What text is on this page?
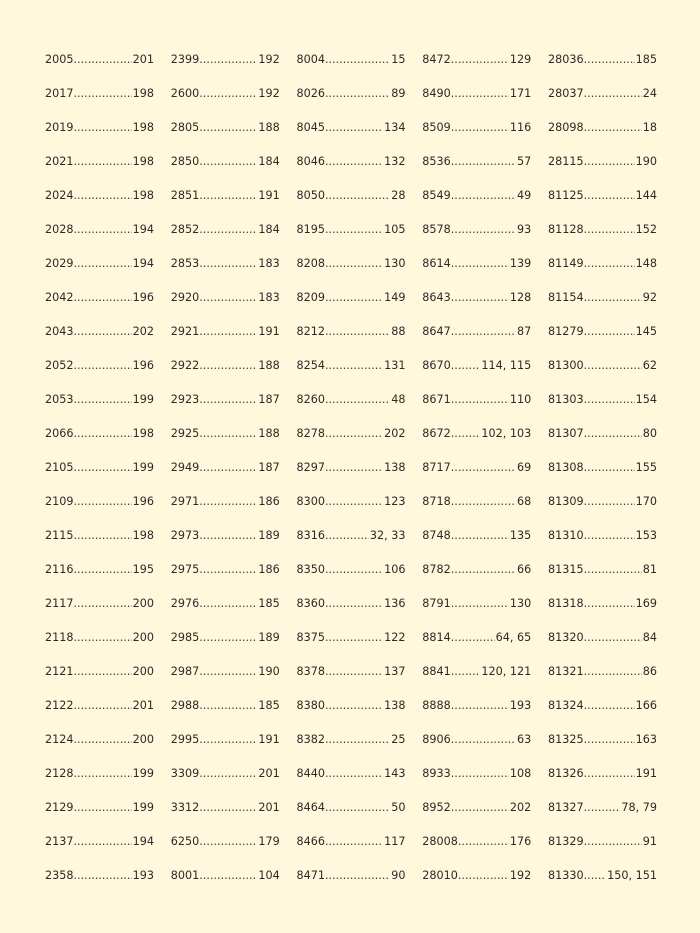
2005 .....	201
2017 .....	198
2019 .....	198
2021 .....	198
2024 .....	198
2028 .....	194
2029 .....	194
2042 .....	196
2043 .....	202
2052 .....	196
2053 .....	199
2066 .....	198
2105 .....	199
2109 .....	196
2115 .....	198
2116 .....	195
2117 .....	200
2118 .....	200
2121 .....	200
2122 .....	201
2124 .....	200
2128 .....	199
2129 .....	199
2137 .....	194
2358 .....	193
2399 .....	192
2600 .....	192
2805 .....	188
2850 .....	184
2851 .....	191
2852 .....	184
2853 .....	183
2920 .....	183
2921 .....	191
2922 .....	188
2923 .....	187
2925 .....	188
2949 .....	187
2971 .....	186
2973 .....	189
2975 .....	186
2976 .....	185
2985 .....	189
2987 .....	190
2988 .....	185
2995 .....	191
3309 .....	201
3312 .....	201
6250 .....	179
8001 .....	104
8004 .....	15
8026 .....	89
8045 .....	134
8046 .....	132
8050 .....	28
8195 .....	105
8208 .....	130
8209 .....	149
8212 .....	88
8254 .....	131
8260 .....	48
8278 .....	202
8297 .....	138
8300 .....	123
8316 .....	32, 33
8350 .....	106
8360 .....	136
8375 .....	122
8378 .....	137
8380 .....	138
8382 .....	25
8440 .....	143
8464 .....	50
8466 .....	117
8471 .....	90
8472 .....	129
8490 .....	171
8509 .....	116
8536 .....	57
8549 .....	49
8578 .....	93
8614 .....	139
8643 .....	128
8647 .....	87
8670 .....	114, 115
8671 .....	110
8672 .....	102, 103
8717 .....	69
8718 .....	68
8748 .....	135
8782 .....	66
8791 .....	130
8814 .....	64, 65
8841 .....	120, 121
8888 .....	193
8906 .....	63
8933 .....	108
8952 .....	202
28008 .....	176
28010 .....	192
28036 .....	185
28037 .....	24
28098 .....	18
28115 .....	190
81125 .....	144
81128 .....	152
81149 .....	148
81154 .....	92
81279 .....	145
81300 .....	62
81303 .....	154
81307 .....	80
81308 .....	155
81309 .....	170
81310 .....	153
81315 .....	81
81318 .....	169
81320 .....	84
81321 .....	86
81324 .....	166
81325 .....	163
81326 .....	191
81327 .....	78, 79
81329 .....	91
81330 ..... 150, 151
